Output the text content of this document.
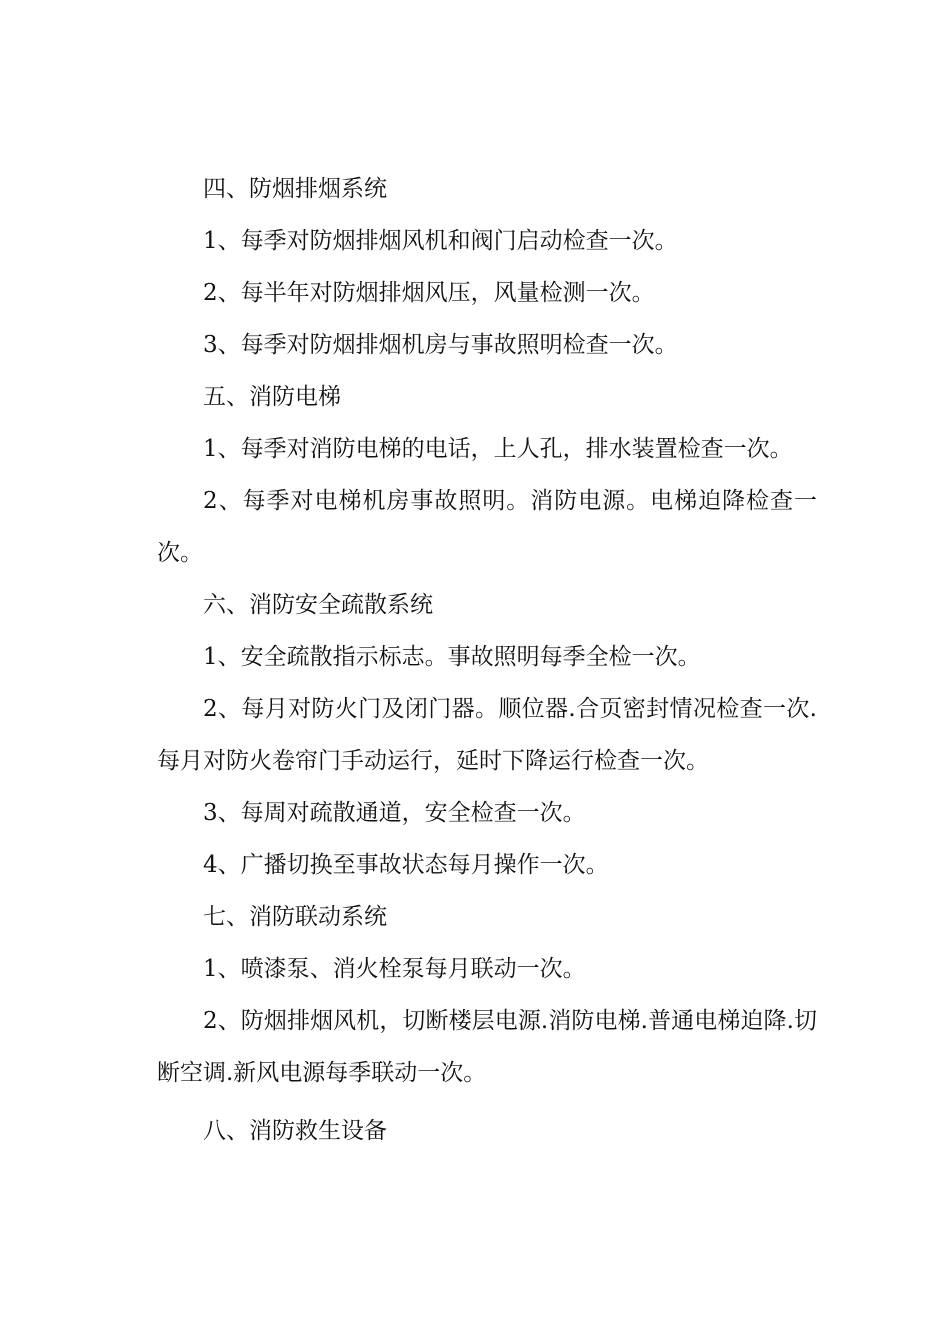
四、防烟排烟系统

1、每季对防烟排烟风机和阀门启动检查一次。

2、每半年对防烟排烟风压，风量检测一次。

3、每季对防烟排烟机房与事故照明检查一次。

五、消防电梯

1、每季对消防电梯的电话，上人孔，排水装置检查一次。

2、每季对电梯机房事故照明。消防电源。电梯迫降检查一次。

六、消防安全疏散系统

1、安全疏散指示标志。事故照明每季全检一次。

2、每月对防火门及闭门器。顺位器.合页密封情况检查一次.每月对防火卷帘门手动运行，延时下降运行检查一次。

3、每周对疏散通道，安全检查一次。

4、广播切换至事故状态每月操作一次。

七、消防联动系统

1、喷漆泵、消火栓泵每月联动一次。

2、防烟排烟风机，切断楼层电源.消防电梯.普通电梯迫降.切断空调.新风电源每季联动一次。

八、消防救生设备
